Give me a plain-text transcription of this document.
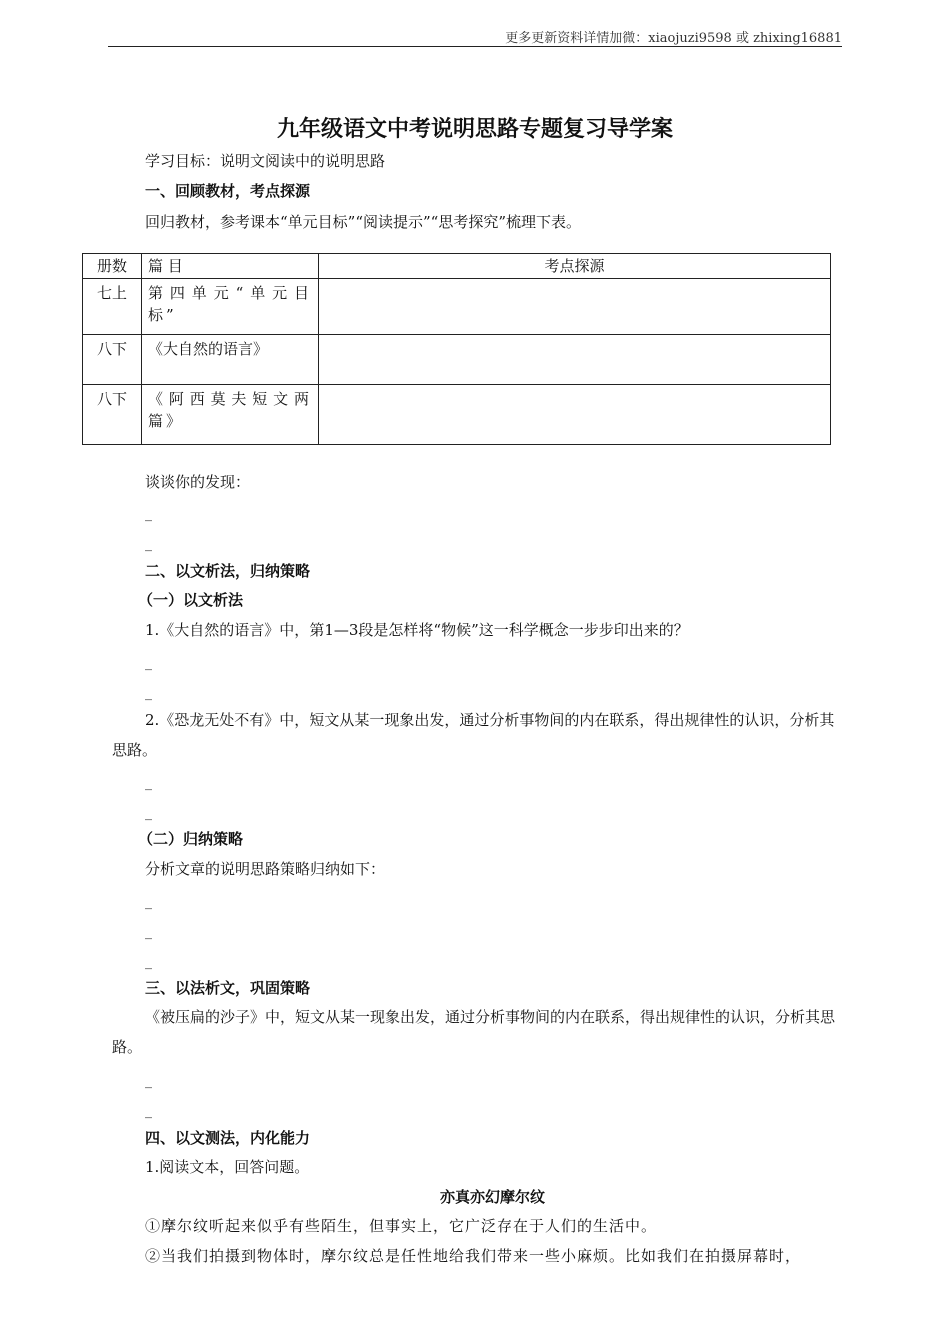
更多更新资料详情加微：xiaojuzi9598 或 zhixing16881
九年级语文中考说明思路专题复习导学案
学习目标：说明文阅读中的说明思路
一、回顾教材，考点探源
回归教材，参考课本“单元目标”“阅读提示”“思考探究”梳理下表。
册数	篇 目	考点探源
七上	第四单元“单元目标”	
八下	《大自然的语言》	
八下	《阿西莫夫短文两篇》	
谈谈你的发现：
_
_
二、以文析法，归纳策略
（一）以文析法
1.《大自然的语言》中，第1—3段是怎样将“物候”这一科学概念一步步印出来的？
_
_
2.《恐龙无处不有》中，短文从某一现象出发，通过分析事物间的内在联系，得出规律性的认识，分析其思路。
_
_
（二）归纳策略
分析文章的说明思路策略归纳如下：
_
_
_
三、以法析文，巩固策略
《被压扁的沙子》中，短文从某一现象出发，通过分析事物间的内在联系，得出规律性的认识，分析其思路。
_
_
四、以文测法，内化能力
1.阅读文本，回答问题。
亦真亦幻摩尔纹
①摩尔纹听起来似乎有些陌生，但事实上，它广泛存在于人们的生活中。
②当我们拍摄到物体时，摩尔纹总是任性地给我们带来一些小麻烦。比如我们在拍摄屏幕时，
